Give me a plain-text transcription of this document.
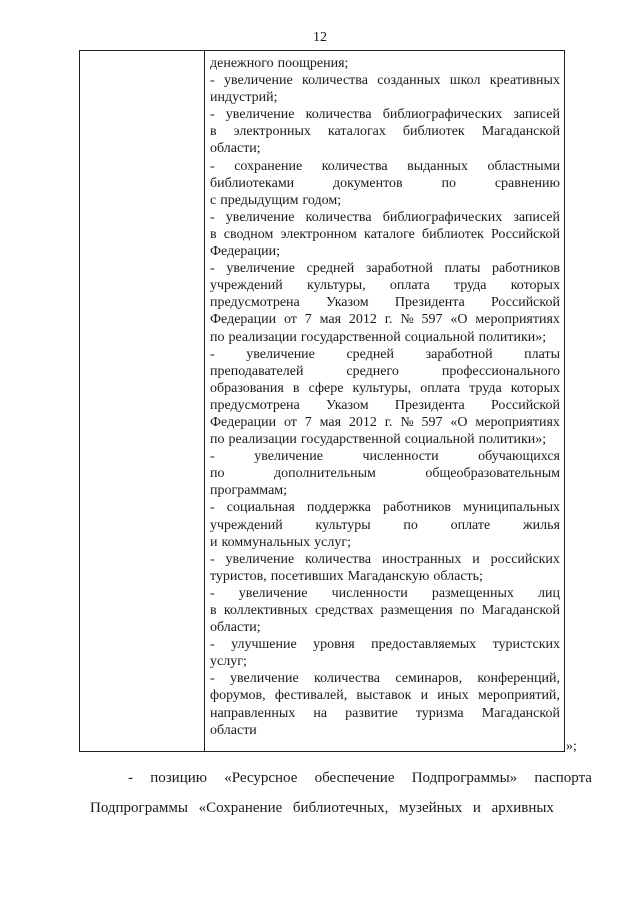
12
денежного поощрения;
- увеличение количества созданных школ креативных
индустрий;
- увеличение количества библиографических записей
в электронных каталогах библиотек Магаданской
области;
- сохранение количества выданных областными
библиотеками	документов	по	сравнению
с предыдущим годом;
- увеличение количества библиографических записей
в сводном электронном каталоге библиотек Российской
Федерации;
- увеличение средней заработной платы работников
учреждений культуры, оплата труда которых
предусмотрена Указом Президента Российской
Федерации от 7 мая 2012 г. № 597 «О мероприятиях
по реализации государственной социальной политики»;
- увеличение средней заработной платы
преподавателей	среднего	профессионального
образования в сфере культуры, оплата труда которых
предусмотрена Указом Президента Российской
Федерации от 7 мая 2012 г. № 597 «О мероприятиях
по реализации государственной социальной политики»;
-	увеличение	численности	обучающихся
по	дополнительным	общеобразовательным
программам;
- социальная поддержка работников муниципальных
учреждений культуры по оплате жилья
и коммунальных услуг;
- увеличение количества иностранных и российских
туристов, посетивших Магаданскую область;
- увеличение численности размещенных лиц
в коллективных средствах размещения по Магаданской
области;
- улучшение уровня предоставляемых туристских
услуг;
- увеличение количества семинаров, конференций,
форумов, фестивалей, выставок и иных мероприятий,
направленных на развитие туризма Магаданской
области
»;
- позицию «Ресурсное обеспечение Подпрограммы» паспорта
Подпрограммы «Сохранение библиотечных, музейных и архивных
